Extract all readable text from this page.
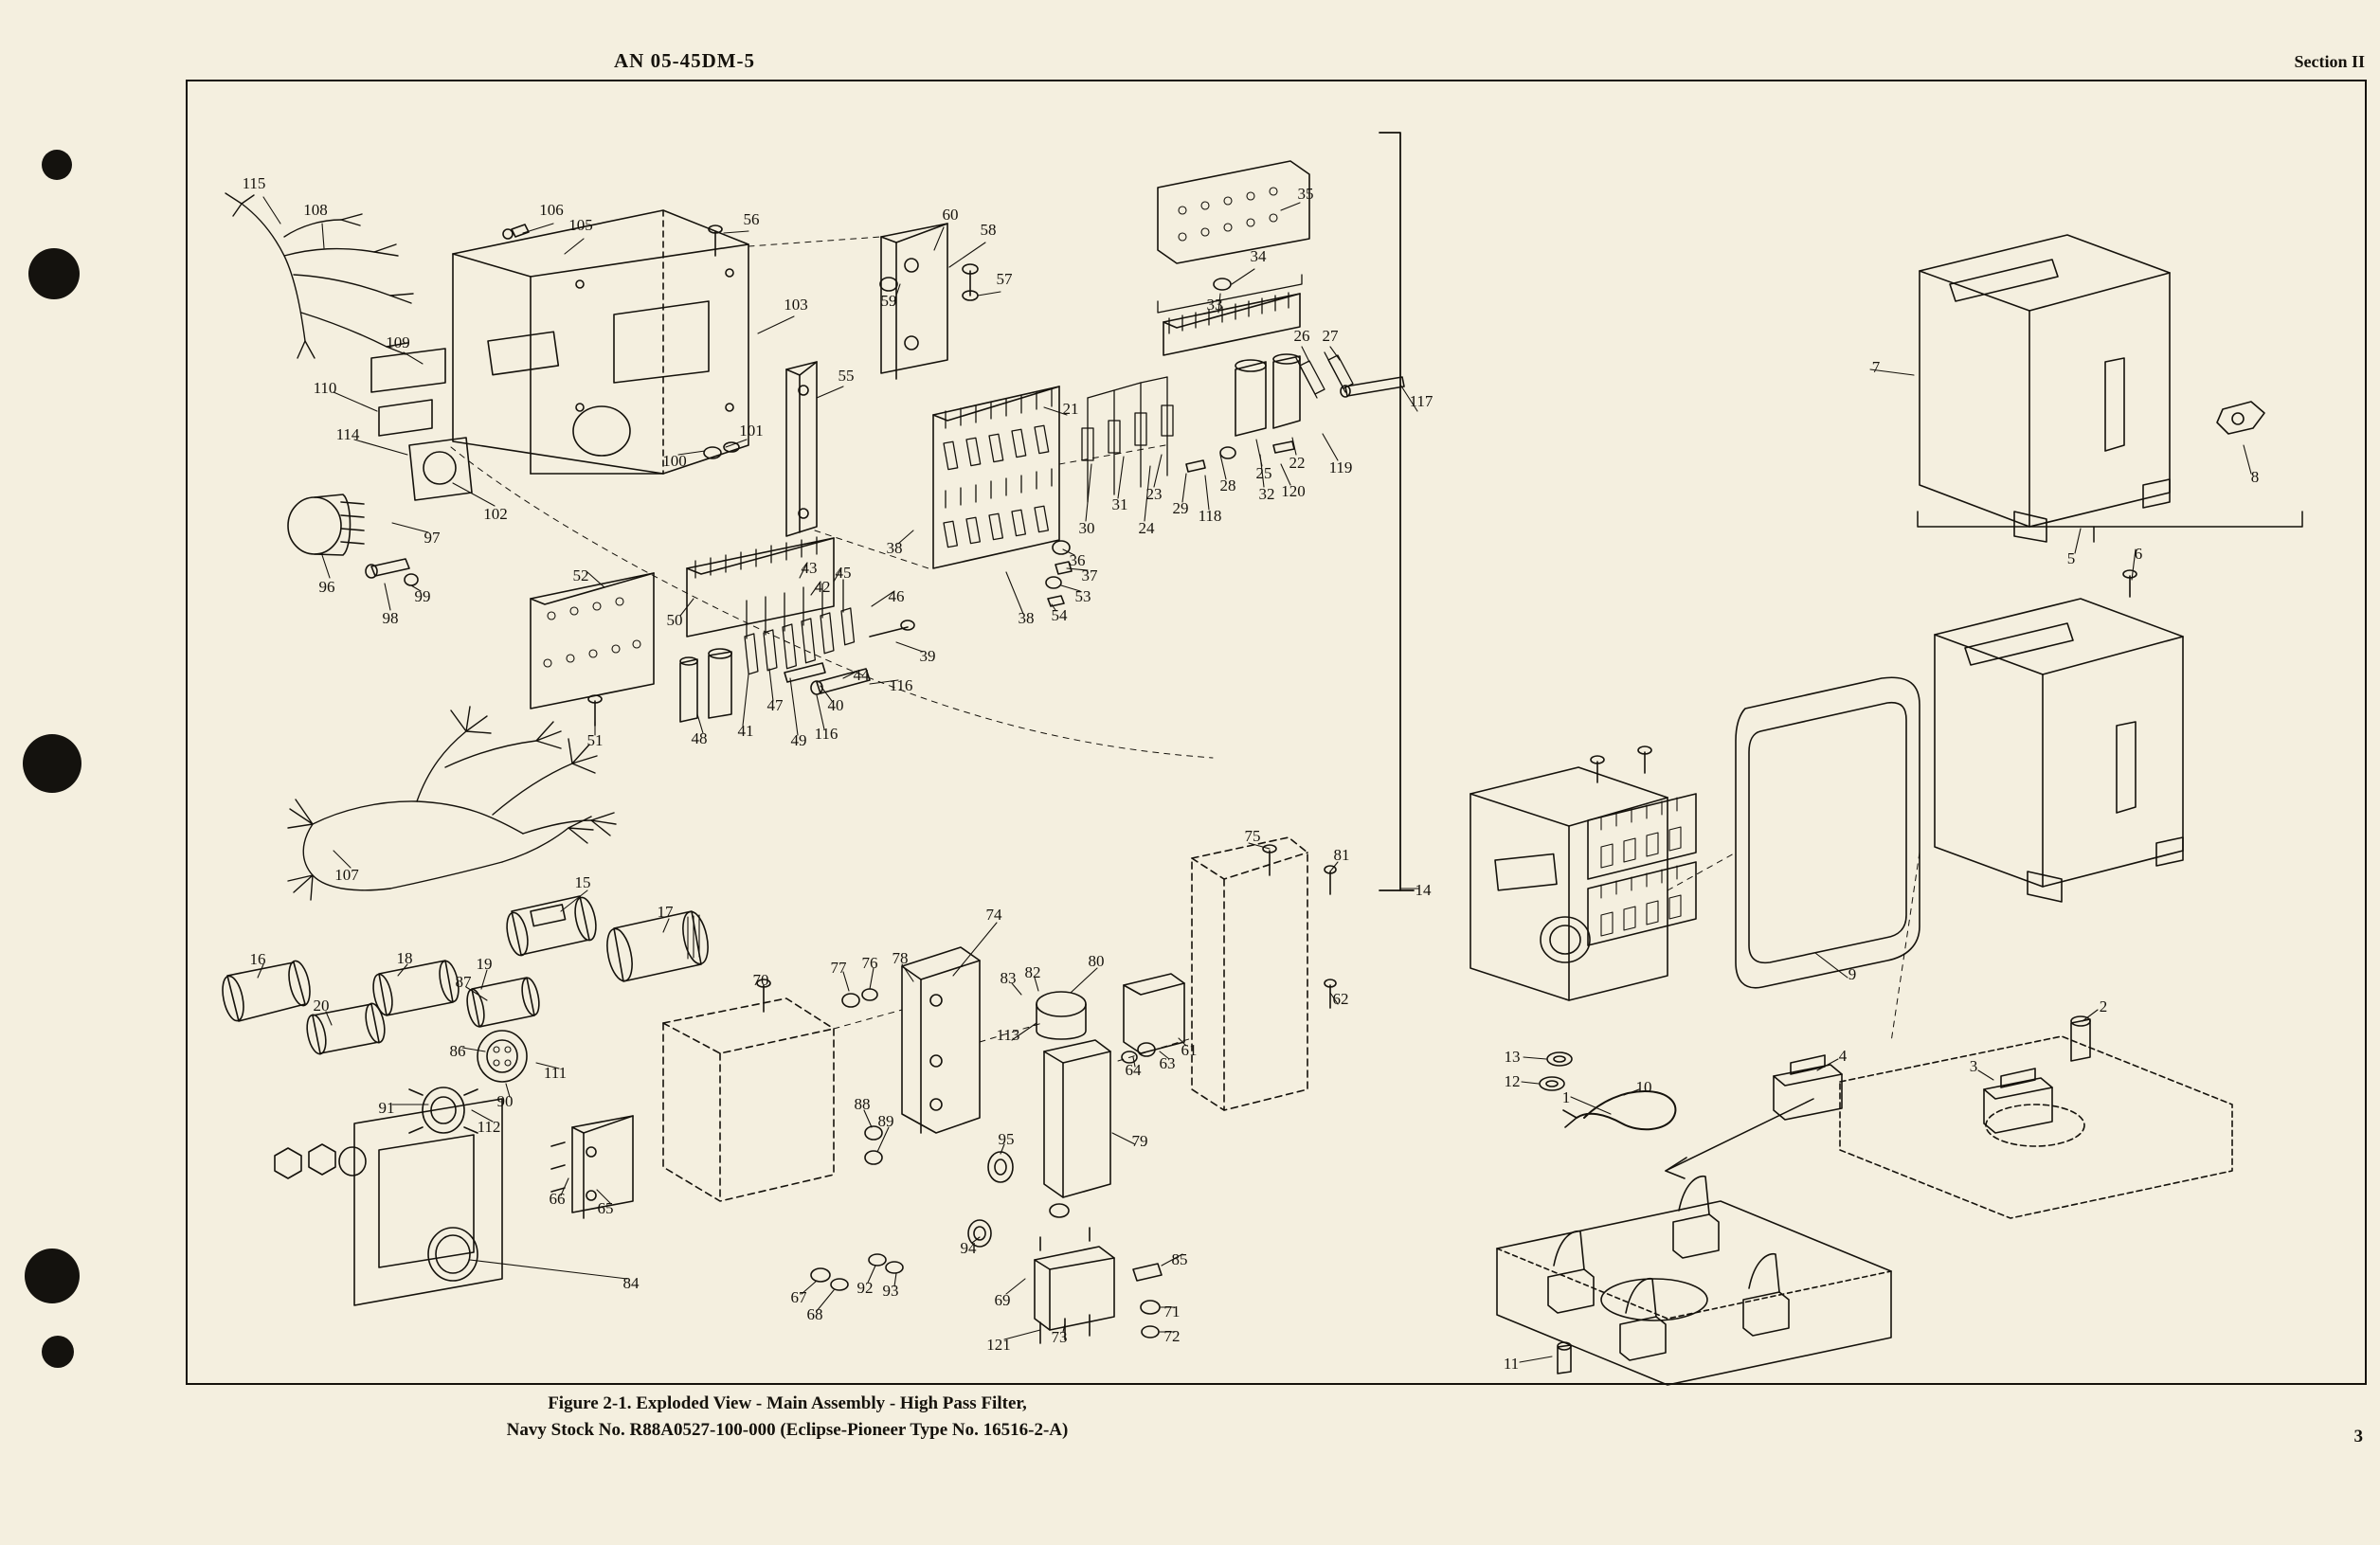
AN 05-45DM-5	Section II
115
108	106
105	56	60
58
57
59
103
35
34
33
26 27
7
109
110
114
55
101
100
102
97
96
98
99
21	117
119
120
22
25
32
28
29 118
23
24
31
30
8
5	6
38
36
37
53
54
38
52	43
42
45
46
50
39
44
116
40
47
49 116
41
48
51
107
75
81
14
15
17
16	18	19
87
20
86
111
90
91
112
70
74
77 76 78
83 82
80
62
113
64 63
61
79
95
88
89
66
65
84
67
68
92 93
94
69
121	73
85
71
72
9
2
4
3
13
12
1
10
11
Figure 2-1. Exploded View - Main Assembly - High Pass Filter,
Navy Stock No. R88A0527-100-000 (Eclipse-Pioneer Type No. 16516-2-A)	3
